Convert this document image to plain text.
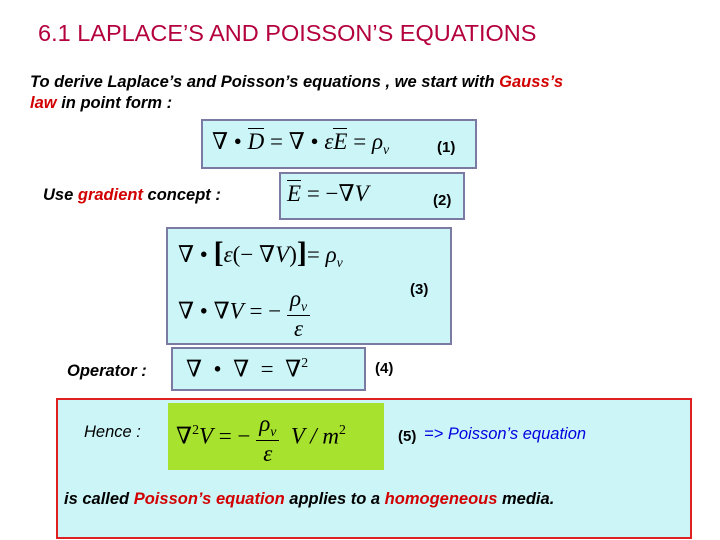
6.1 LAPLACE’S AND POISSON’S EQUATIONS
To derive Laplace’s and Poisson’s equations , we start with Gauss’s
law in point form :
∇ • D = ∇ • $\varepsilon E = \rho_v$	(1)
Use gradient concept :	E = −∇V	(2)
∇ • $[\varepsilon(- \nabla V)]= \rho_v$
∇ • ∇V = − $\frac{\rho_v}{\varepsilon}$	(3)
Operator : ∇  •  ∇  =  ∇$^2$	(4)
Hence : ∇$^2$V = − $\frac{\rho_v}{\varepsilon}$ V / $m^2$	(5) => Poisson’s equation
is called Poisson’s equation applies to a homogeneous media.
